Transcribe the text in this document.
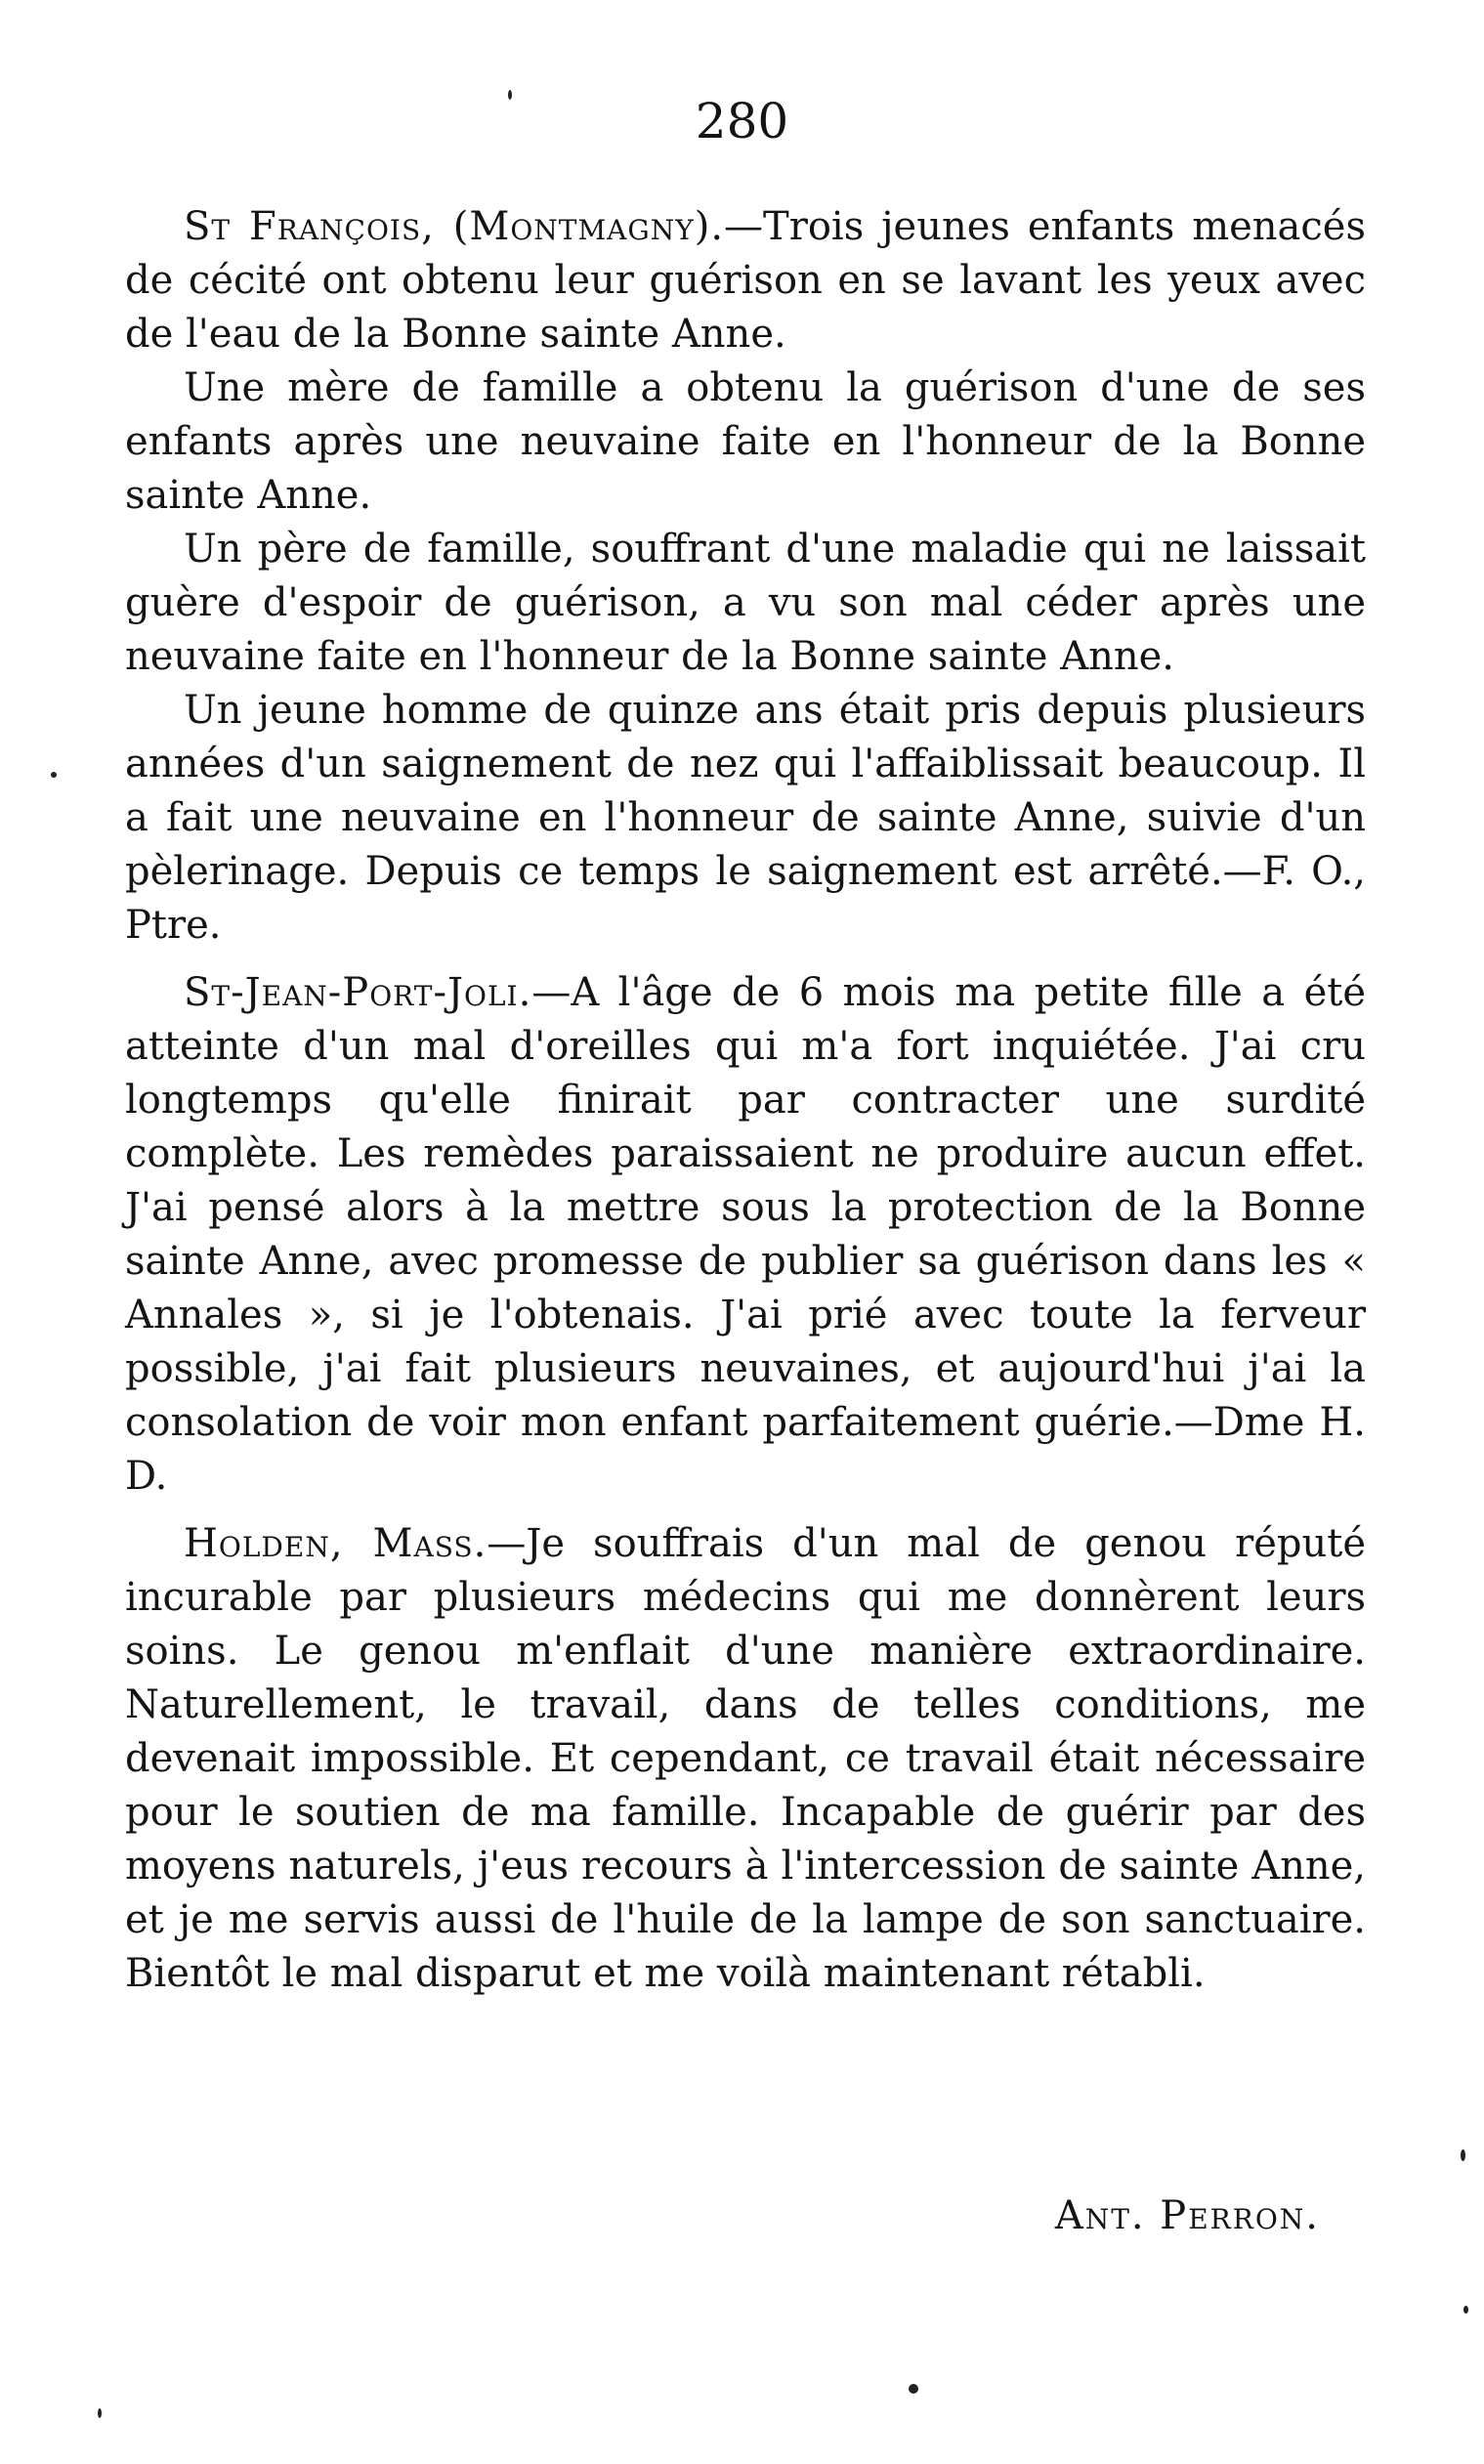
280

St François, (Montmagny).—Trois jeunes enfants menacés de cécité ont obtenu leur guérison en se lavant les yeux avec de l'eau de la Bonne sainte Anne.

Une mère de famille a obtenu la guérison d'une de ses enfants après une neuvaine faite en l'honneur de la Bonne sainte Anne.

Un père de famille, souffrant d'une maladie qui ne laissait guère d'espoir de guérison, a vu son mal céder après une neuvaine faite en l'honneur de la Bonne sainte Anne.

Un jeune homme de quinze ans était pris depuis plusieurs années d'un saignement de nez qui l'affaiblissait beaucoup. Il a fait une neuvaine en l'honneur de sainte Anne, suivie d'un pèlerinage. Depuis ce temps le saignement est arrêté.—F. O., Ptre.

St-Jean-Port-Joli.—A l'âge de 6 mois ma petite fille a été atteinte d'un mal d'oreilles qui m'a fort inquiétée. J'ai cru longtemps qu'elle finirait par contracter une surdité complète. Les remèdes paraissaient ne produire aucun effet. J'ai pensé alors à la mettre sous la protection de la Bonne sainte Anne, avec promesse de publier sa guérison dans les « Annales », si je l'obtenais. J'ai prié avec toute la ferveur possible, j'ai fait plusieurs neuvaines, et aujourd'hui j'ai la consolation de voir mon enfant parfaitement guérie.—Dme H. D.

Holden, Mass.—Je souffrais d'un mal de genou réputé incurable par plusieurs médecins qui me donnèrent leurs soins. Le genou m'enflait d'une manière extraordinaire. Naturellement, le travail, dans de telles conditions, me devenait impossible. Et cependant, ce travail était nécessaire pour le soutien de ma famille. Incapable de guérir par des moyens naturels, j'eus recours à l'intercession de sainte Anne, et je me servis aussi de l'huile de la lampe de son sanctuaire. Bientôt le mal disparut et me voilà maintenant rétabli.

Ant. Perron.
